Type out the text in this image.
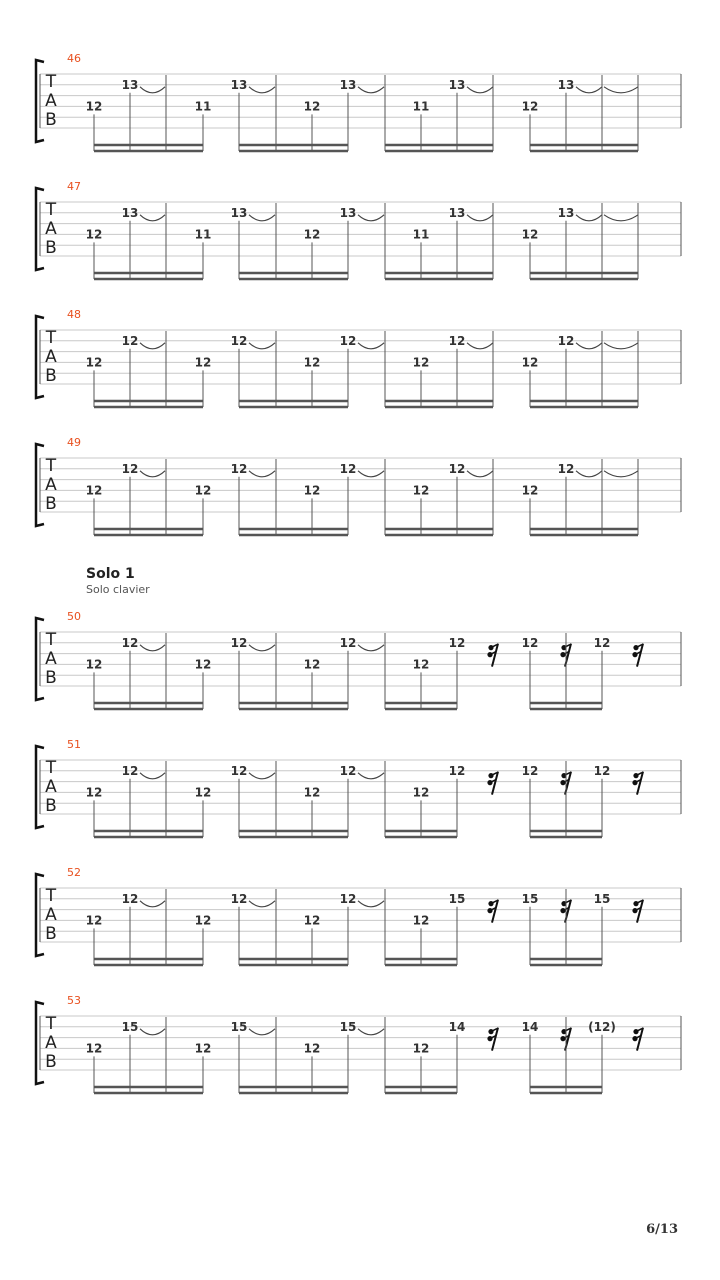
46
T
A
B
12
13	13	13	13	13
11	12	11	12
47
T
A
B
12
13	13	13	13	13
11	12	11	12
48
T
A
B
12
12	12	12	12	12
12	12	12	12
49
T
A
B
12
12	12	12	12	12
12	12	12	12
50
T
A
B
12
12	12	12
12	12	12
12	12	12
51
T
A
B
12
12	12	12
12	12	12
12	12	12
52
T
A
B
12
12	12	12
12	12	12
15	15	15
53
T
A
B
12
15	15	15
12	12	12
14	14	(12)
Solo 1
Solo clavier
6/13
